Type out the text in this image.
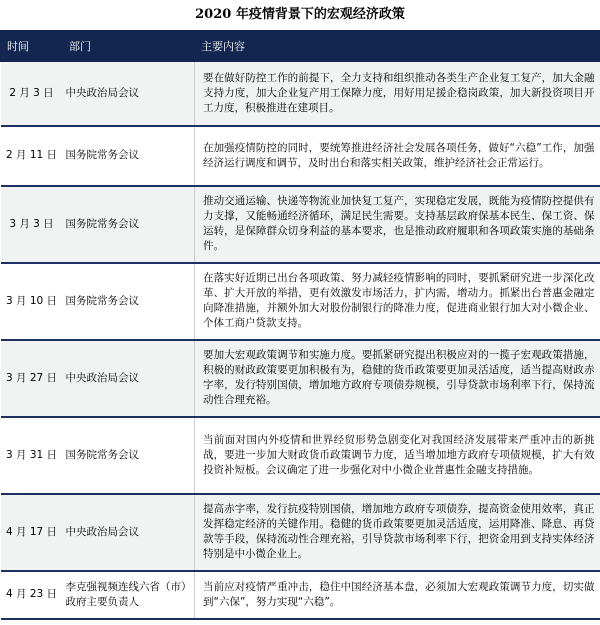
2020 年疫情背景下的宏观经济政策
时间	部门	主要内容
2 月 3 日	中央政治局会议	要在做好防控工作的前提下，全力支持和组织推动各类生产企业复工复产，加大金融支持力度，加大企业复产用工保障力度，用好用足援企稳岗政策，加大新投资项目开工力度，积极推进在建项目。
2 月 11 日	国务院常务会议	在加强疫情防控的同时，要统筹推进经济社会发展各项任务，做好“六稳”工作，加强经济运行调度和调节，及时出台和落实相关政策，维护经济社会正常运行。
3 月 3 日	国务院常务会议	推动交通运输、快递等物流业加快复工复产，实现稳定发展，既能为疫情防控提供有力支撑，又能畅通经济循环，满足民生需要。支持基层政府保基本民生、保工资、保运转，是保障群众切身利益的基本要求，也是推动政府履职和各项政策实施的基础条件。
3 月 10 日	国务院常务会议	在落实好近期已出台各项政策、努力减轻疫情影响的同时，要抓紧研究进一步深化改革、扩大开放的举措，更有效激发市场活力，扩内需，增动力。抓紧出台普惠金融定向降准措施，并额外加大对股份制银行的降准力度，促进商业银行加大对小微企业、个体工商户贷款支持。
3 月 27 日	中央政治局会议	要加大宏观政策调节和实施力度。要抓紧研究提出积极应对的一揽子宏观政策措施，积极的财政政策要更加积极有为，稳健的货币政策要更加灵活适度，适当提高财政赤字率，发行特别国债，增加地方政府专项债券规模，引导贷款市场利率下行，保持流动性合理充裕。
3 月 31 日	国务院常务会议	当前面对国内外疫情和世界经贸形势急剧变化对我国经济发展带来严重冲击的新挑战，要进一步加大财政货币政策调节力度，适当增加地方政府专项债规模，扩大有效投资补短板。会议确定了进一步强化对中小微企业普惠性金融支持措施。
4 月 17 日	中央政治局会议	提高赤字率，发行抗疫特别国债，增加地方政府专项债券，提高资金使用效率，真正发挥稳定经济的关键作用。稳健的货币政策要更加灵活适度，运用降准、降息、再贷款等手段，保持流动性合理充裕，引导贷款市场利率下行，把资金用到支持实体经济特别是中小微企业上。
4 月 23 日	李克强视频连线六省（市）政府主要负责人	当前应对疫情严重冲击，稳住中国经济基本盘，必须加大宏观政策调节力度，切实做到“六保”，努力实现“六稳”。
